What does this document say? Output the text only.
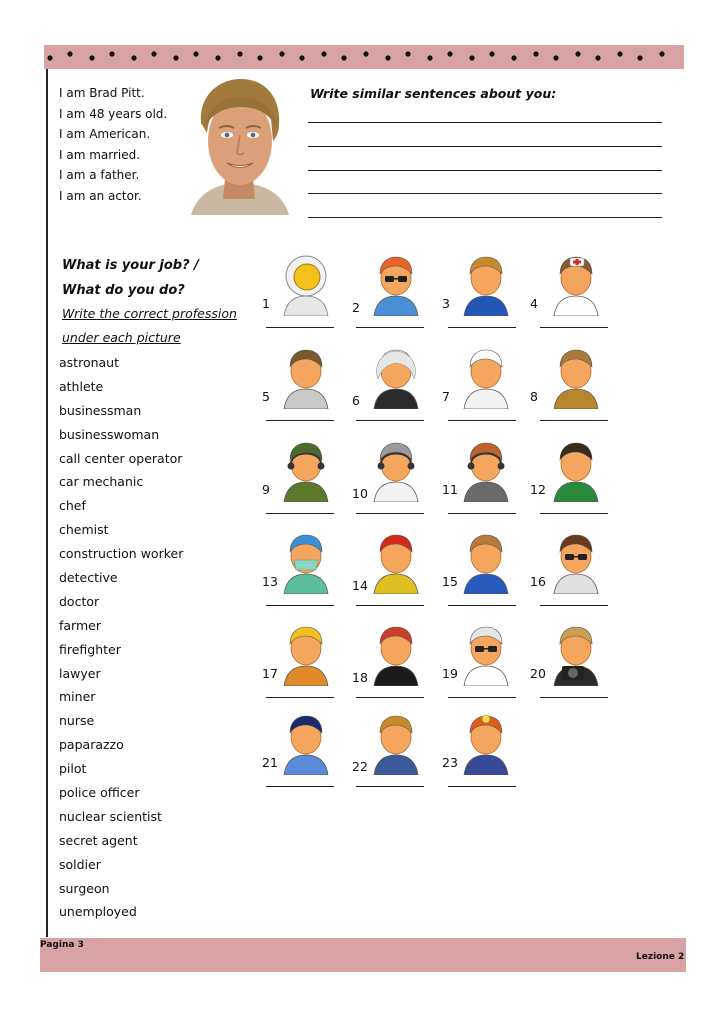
I am Brad Pitt.
I am 48 years old.
I am American.
I am married.
I am a father.
I am an actor.
Write similar sentences about you:
What is your job? /
What do you do?
Write the correct profession
under each picture
astronaut
athlete
businessman
businesswoman
call center operator
car mechanic
chef
chemist
construction worker
detective
doctor
farmer
firefighter
lawyer
miner
nurse
paparazzo
pilot
police officer
nuclear scientist
secret agent
soldier
surgeon
unemployed
1	2	3	4
5	6	7	8
9	10	11	12
13	14	15	16
17	18	19	20
21	22	23
Pagina 3
Lezione 2
